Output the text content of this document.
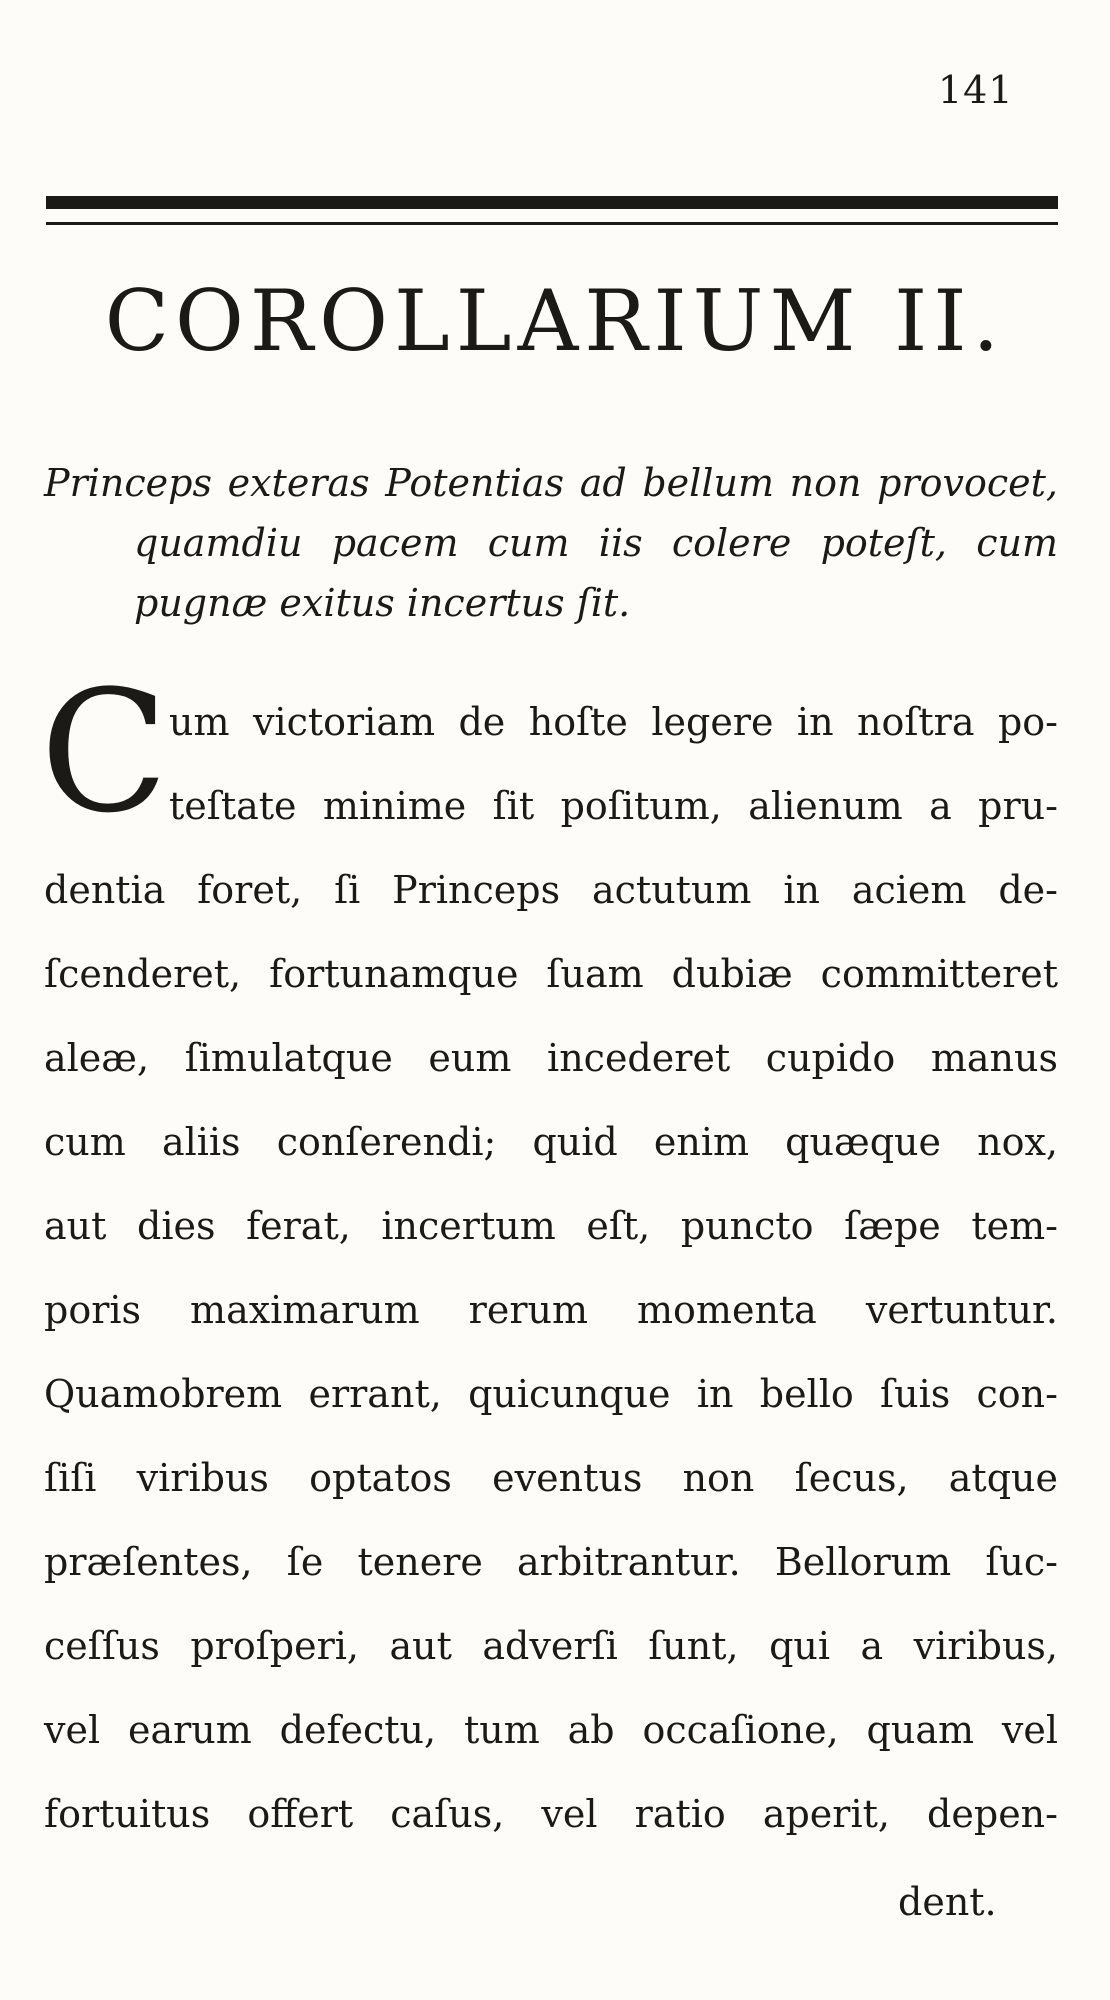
141
COROLLARIUM II.
Princeps exteras Potentias ad bellum non provocet,
quamdiu pacem cum iis colere poteſt, cum
pugnæ exitus incertus ſit.
C um victoriam de hoſte legere in noſtra po-
teſtate minime ſit poſitum, alienum a pru-
dentia foret, ſi Princeps actutum in aciem de-
ſcenderet, fortunamque ſuam dubiæ committeret
aleæ, ſimulatque eum incederet cupido manus
cum aliis conſerendi; quid enim quæque nox,
aut dies ferat, incertum eſt, puncto ſæpe tem-
poris maximarum rerum momenta vertuntur.
Quamobrem errant, quicunque in bello ſuis con-
ſiſi viribus optatos eventus non ſecus, atque
præſentes, ſe tenere arbitrantur. Bellorum ſuc-
ceſſus proſperi, aut adverſi ſunt, qui a viribus,
vel earum defectu, tum ab occaſione, quam vel
fortuitus offert caſus, vel ratio aperit, depen-
dent.
